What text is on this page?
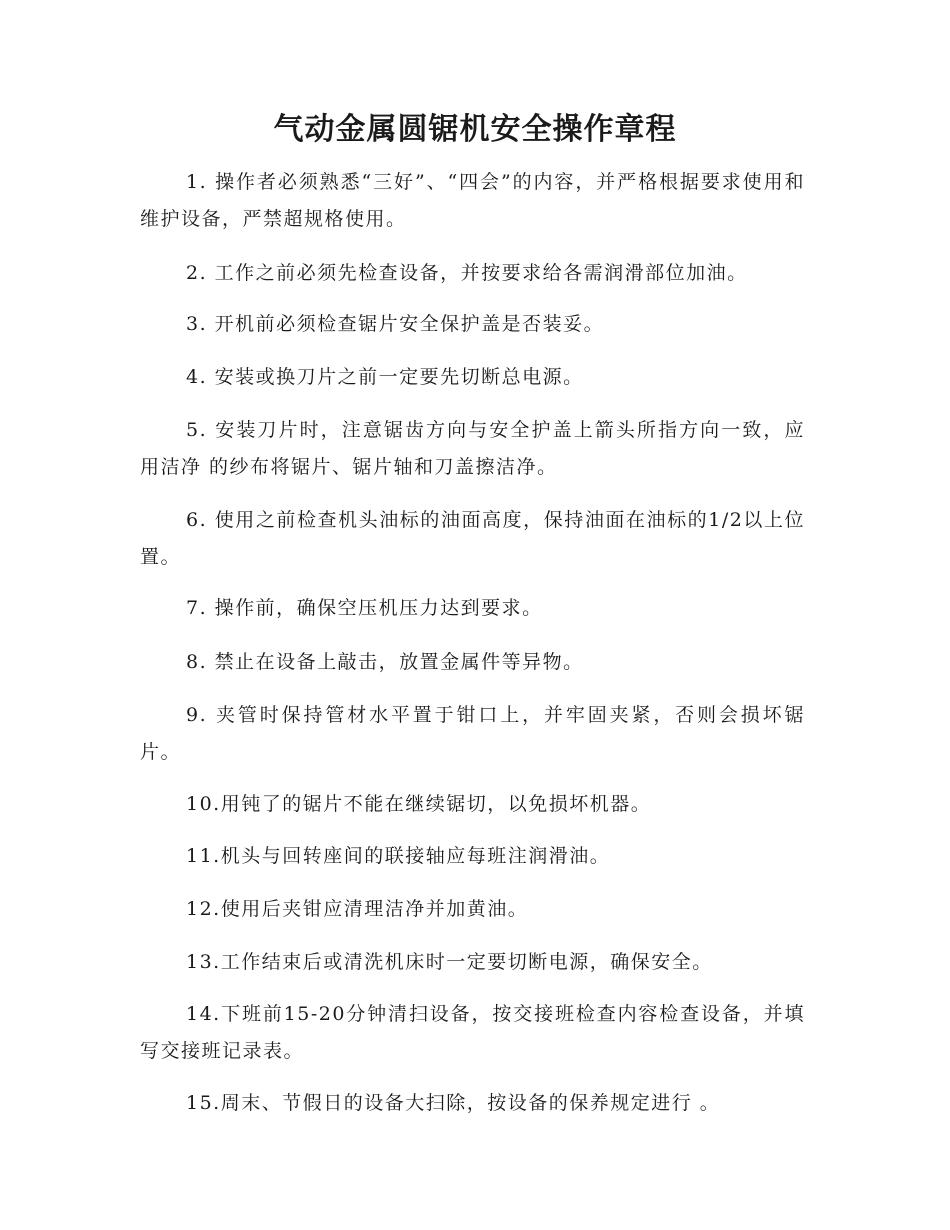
气动金属圆锯机安全操作章程

1. 操作者必须熟悉“三好”、“四会”的内容，并严格根据要求使用和维护设备，严禁超规格使用。

2. 工作之前必须先检查设备，并按要求给各需润滑部位加油。

3. 开机前必须检查锯片安全保护盖是否装妥。

4. 安装或换刀片之前一定要先切断总电源。

5. 安装刀片时，注意锯齿方向与安全护盖上箭头所指方向一致，应用洁净 的纱布将锯片、锯片轴和刀盖擦洁净。

6. 使用之前检查机头油标的油面高度，保持油面在油标的1/2以上位置。

7. 操作前，确保空压机压力达到要求。

8. 禁止在设备上敲击，放置金属件等异物。

9. 夹管时保持管材水平置于钳口上，并牢固夹紧，否则会损坏锯片。

10.用钝了的锯片不能在继续锯切，以免损坏机器。

11.机头与回转座间的联接轴应每班注润滑油。

12.使用后夹钳应清理洁净并加黄油。

13.工作结束后或清洗机床时一定要切断电源，确保安全。

14.下班前15-20分钟清扫设备，按交接班检查内容检查设备，并填写交接班记录表。

15.周末、节假日的设备大扫除，按设备的保养规定进行 。
